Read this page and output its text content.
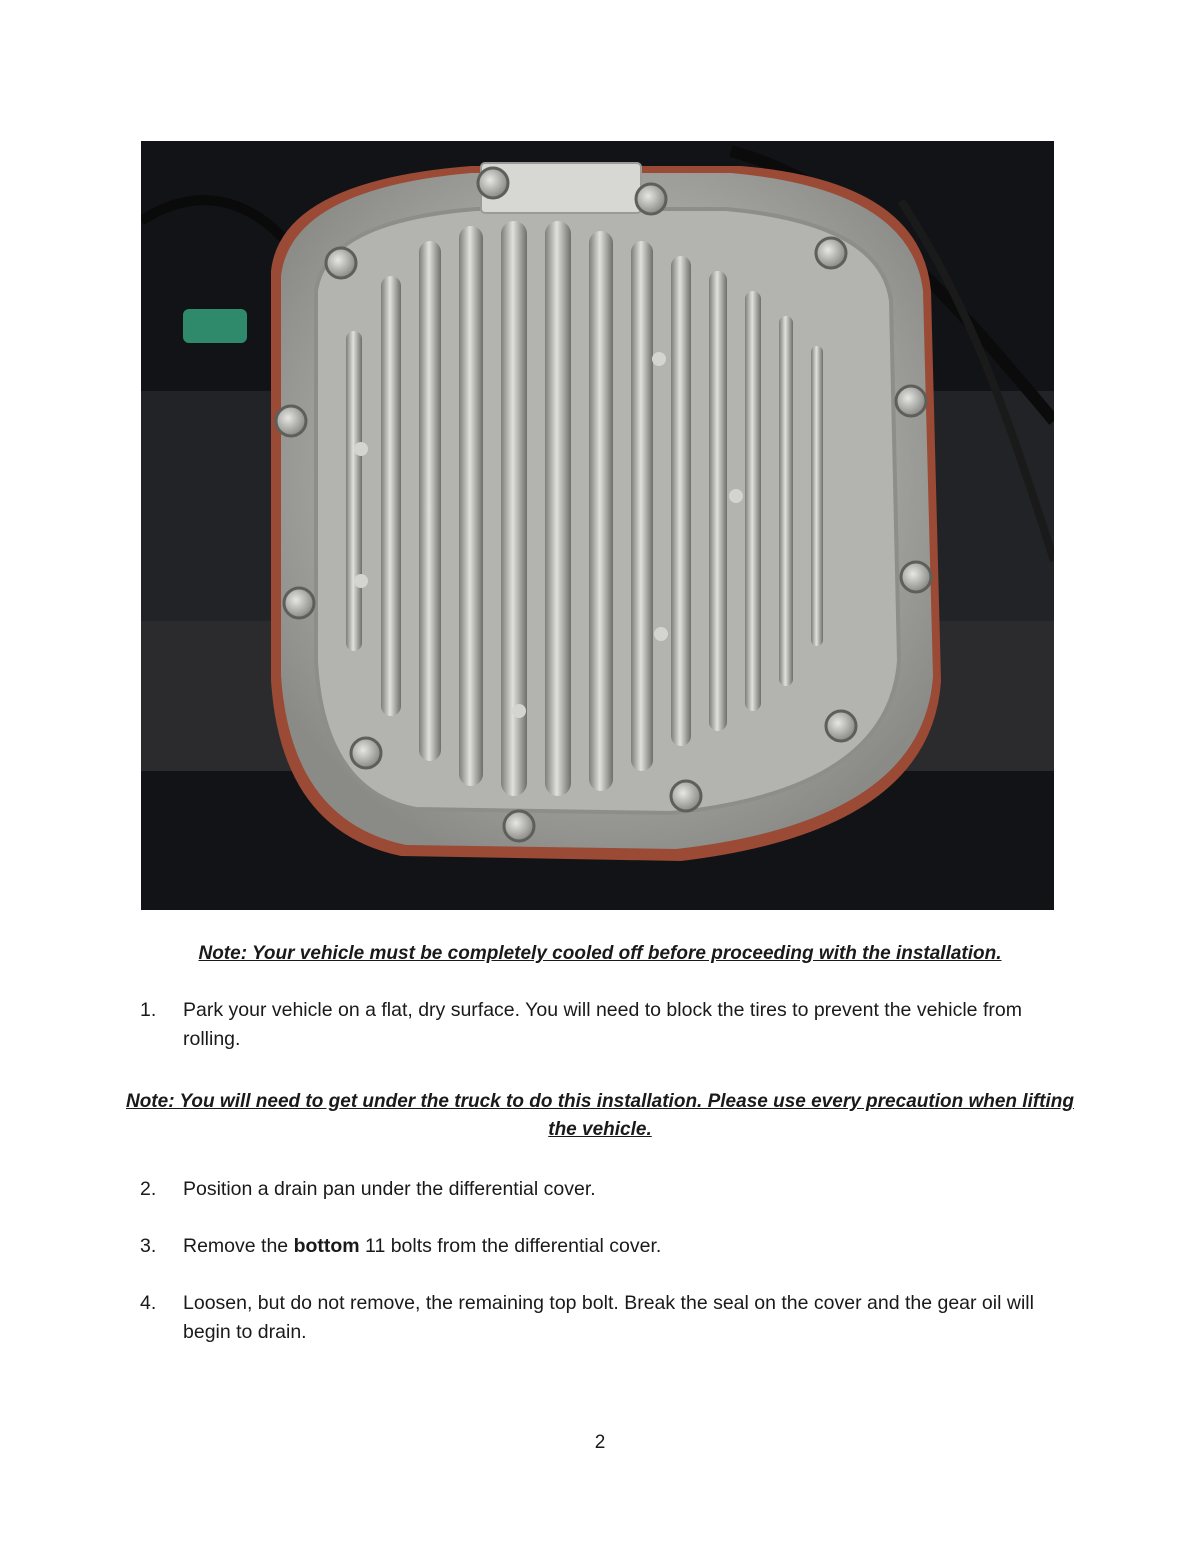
Note: Your vehicle must be completely cooled off before proceeding with the installation.

1.	Park your vehicle on a flat, dry surface. You will need to block the tires to prevent the vehicle from rolling.

Note: You will need to get under the truck to do this installation. Please use every precaution when lifting the vehicle.

2.	Position a drain pan under the differential cover.
3.	Remove the bottom 11 bolts from the differential cover.
4.	Loosen, but do not remove, the remaining top bolt. Break the seal on the cover and the gear oil will begin to drain.
2
